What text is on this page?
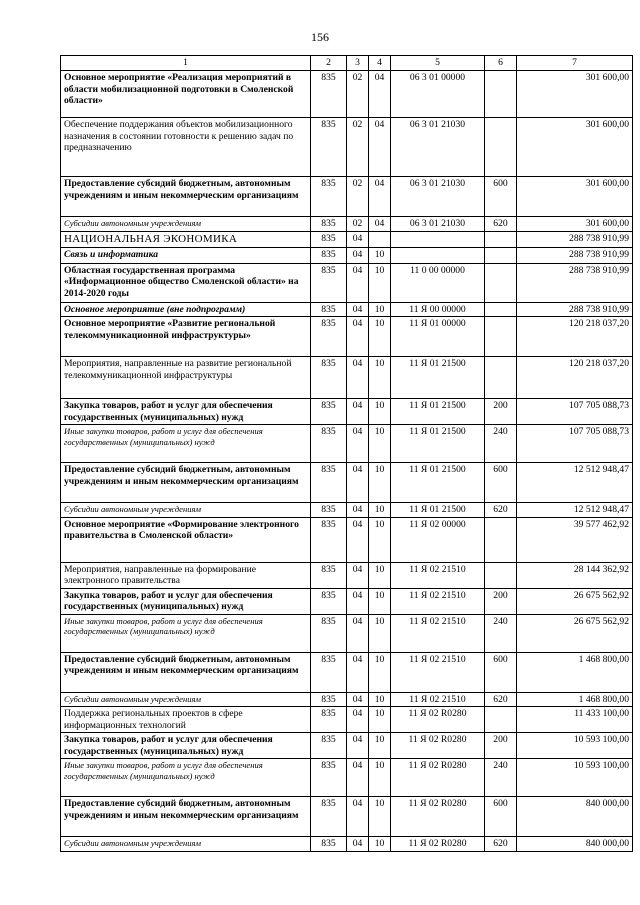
156
1	2	3	4	5	6	7
Основное мероприятие «Реализация мероприятий в области мобилизационной подготовки в Смоленской области»	835	02	04	06 3 01 00000		301 600,00
Обеспечение поддержания объектов мобилизационного назначения в состоянии готовности к решению задач по предназначению	835	02	04	06 3 01 21030		301 600,00
Предоставление субсидий бюджетным, автономным учреждениям и иным некоммерческим организациям	835	02	04	06 3 01 21030	600	301 600,00
Субсидии автономным учреждениям	835	02	04	06 3 01 21030	620	301 600,00
НАЦИОНАЛЬНАЯ ЭКОНОМИКА	835	04				288 738 910,99
Связь и информатика	835	04	10			288 738 910,99
Областная государственная программа «Информационное общество Смоленской области» на 2014-2020 годы	835	04	10	11 0 00 00000		288 738 910,99
Основное мероприятие (вне подпрограмм)	835	04	10	11 Я 00 00000		288 738 910,99
Основное мероприятие «Развитие региональной телекоммуникационной инфраструктуры»	835	04	10	11 Я 01 00000		120 218 037,20
Мероприятия, направленные на развитие региональной телекоммуникационной инфраструктуры	835	04	10	11 Я 01 21500		120 218 037,20
Закупка товаров, работ и услуг для обеспечения государственных (муниципальных) нужд	835	04	10	11 Я 01 21500	200	107 705 088,73
Иные закупки товаров, работ и услуг для обеспечения государственных (муниципальных) нужд	835	04	10	11 Я 01 21500	240	107 705 088,73
Предоставление субсидий бюджетным, автономным учреждениям и иным некоммерческим организациям	835	04	10	11 Я 01 21500	600	12 512 948,47
Субсидии автономным учреждениям	835	04	10	11 Я 01 21500	620	12 512 948,47
Основное мероприятие «Формирование электронного правительства в Смоленской области»	835	04	10	11 Я 02 00000		39 577 462,92
Мероприятия, направленные на формирование электронного правительства	835	04	10	11 Я 02 21510		28 144 362,92
Закупка товаров, работ и услуг для обеспечения государственных (муниципальных) нужд	835	04	10	11 Я 02 21510	200	26 675 562,92
Иные закупки товаров, работ и услуг для обеспечения государственных (муниципальных) нужд	835	04	10	11 Я 02 21510	240	26 675 562,92
Предоставление субсидий бюджетным, автономным учреждениям и иным некоммерческим организациям	835	04	10	11 Я 02 21510	600	1 468 800,00
Субсидии автономным учреждениям	835	04	10	11 Я 02 21510	620	1 468 800,00
Поддержка региональных проектов в сфере информационных технологий	835	04	10	11 Я 02 R0280		11 433 100,00
Закупка товаров, работ и услуг для обеспечения государственных (муниципальных) нужд	835	04	10	11 Я 02 R0280	200	10 593 100,00
Иные закупки товаров, работ и услуг для обеспечения государственных (муниципальных) нужд	835	04	10	11 Я 02 R0280	240	10 593 100,00
Предоставление субсидий бюджетным, автономным учреждениям и иным некоммерческим организациям	835	04	10	11 Я 02 R0280	600	840 000,00
Субсидии автономным учреждениям	835	04	10	11 Я 02 R0280	620	840 000,00
